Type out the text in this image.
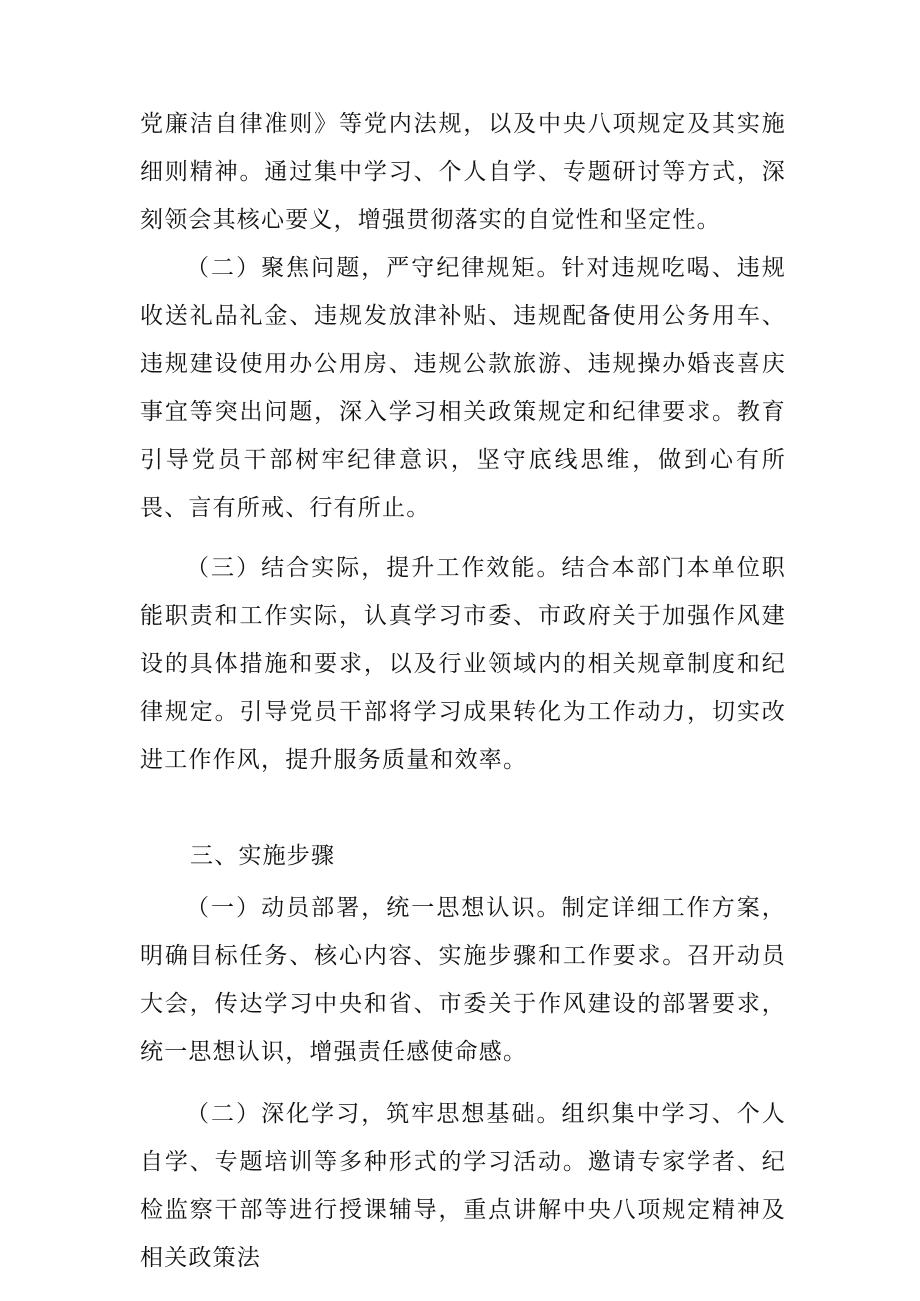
党廉洁自律准则》等党内法规，以及中央八项规定及其实施细则精神。通过集中学习、个人自学、专题研讨等方式，深刻领会其核心要义，增强贯彻落实的自觉性和坚定性。

（二）聚焦问题，严守纪律规矩。针对违规吃喝、违规收送礼品礼金、违规发放津补贴、违规配备使用公务用车、违规建设使用办公用房、违规公款旅游、违规操办婚丧喜庆事宜等突出问题，深入学习相关政策规定和纪律要求。教育引导党员干部树牢纪律意识，坚守底线思维，做到心有所畏、言有所戒、行有所止。

（三）结合实际，提升工作效能。结合本部门本单位职能职责和工作实际，认真学习市委、市政府关于加强作风建设的具体措施和要求，以及行业领域内的相关规章制度和纪律规定。引导党员干部将学习成果转化为工作动力，切实改进工作作风，提升服务质量和效率。

三、实施步骤

（一）动员部署，统一思想认识。制定详细工作方案，明确目标任务、核心内容、实施步骤和工作要求。召开动员大会，传达学习中央和省、市委关于作风建设的部署要求，统一思想认识，增强责任感使命感。

（二）深化学习，筑牢思想基础。组织集中学习、个人自学、专题培训等多种形式的学习活动。邀请专家学者、纪检监察干部等进行授课辅导，重点讲解中央八项规定精神及相关政策法
